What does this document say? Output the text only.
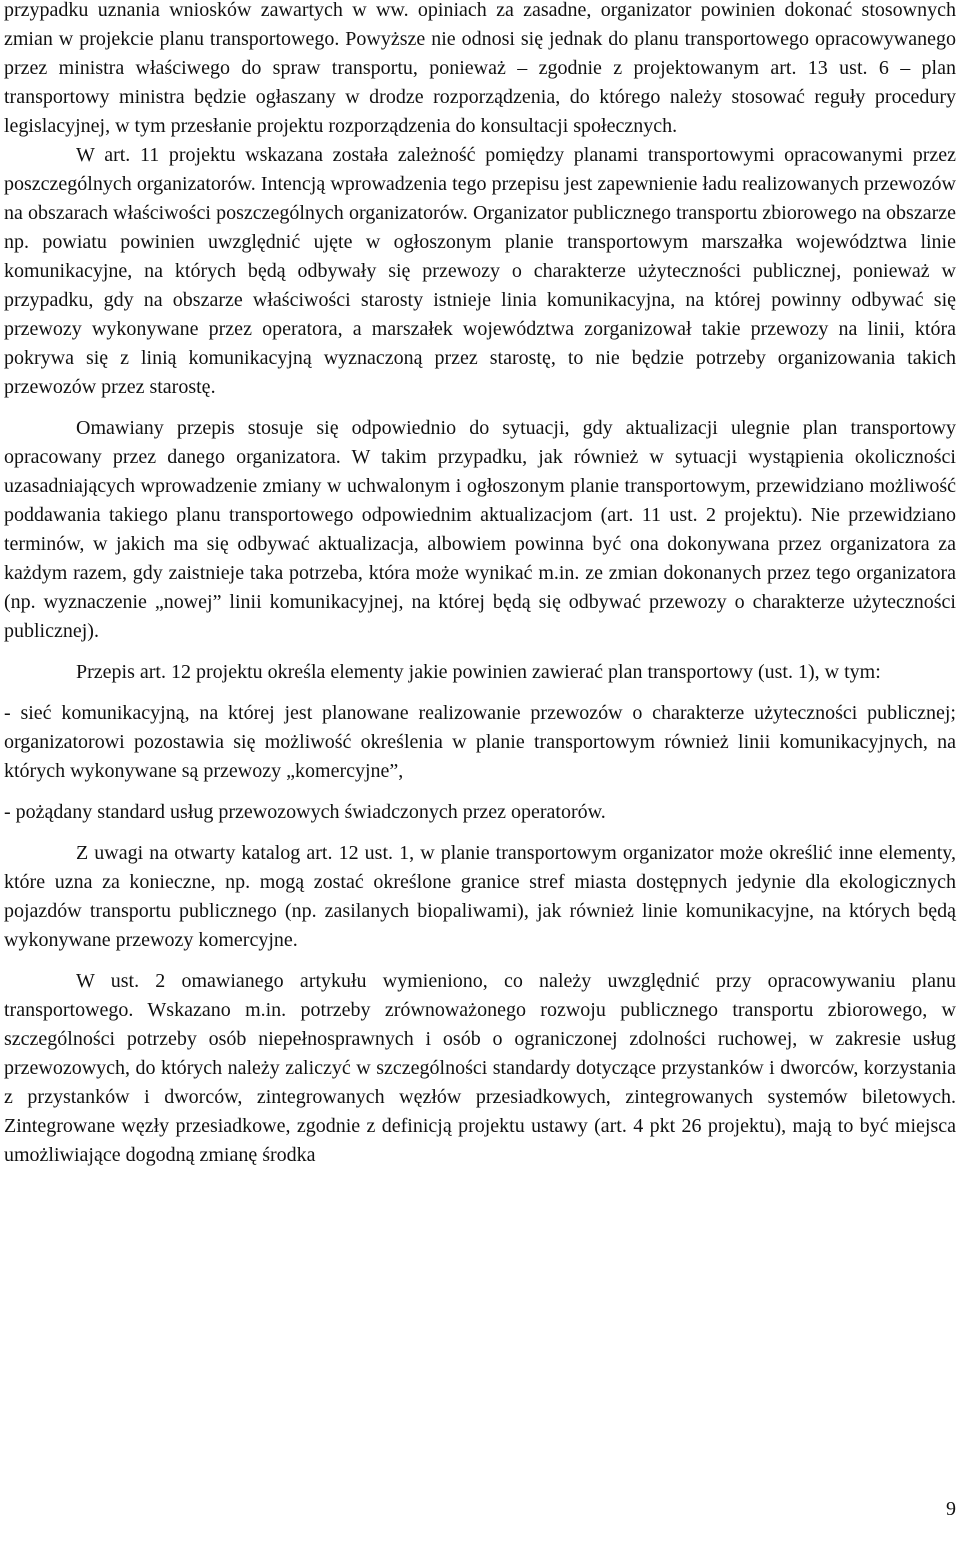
przypadku uznania wniosków zawartych w ww. opiniach za zasadne, organizator powinien dokonać stosownych zmian w projekcie planu transportowego. Powyższe nie odnosi się jednak do planu transportowego opracowywanego przez ministra właściwego do spraw transportu, ponieważ – zgodnie z projektowanym art. 13 ust. 6 – plan transportowy ministra będzie ogłaszany w drodze rozporządzenia, do którego należy stosować reguły procedury legislacyjnej, w tym przesłanie projektu rozporządzenia do konsultacji społecznych.

W art. 11 projektu wskazana została zależność pomiędzy planami transportowymi opracowanymi przez poszczególnych organizatorów. Intencją wprowadzenia tego przepisu jest zapewnienie ładu realizowanych przewozów na obszarach właściwości poszczególnych organizatorów. Organizator publicznego transportu zbiorowego na obszarze np. powiatu powinien uwzględnić ujęte w ogłoszonym planie transportowym marszałka województwa linie komunikacyjne, na których będą odbywały się przewozy o charakterze użyteczności publicznej, ponieważ w przypadku, gdy na obszarze właściwości starosty istnieje linia komunikacyjna, na której powinny odbywać się przewozy wykonywane przez operatora, a marszałek województwa zorganizował takie przewozy na linii, która pokrywa się z linią komunikacyjną wyznaczoną przez starostę, to nie będzie potrzeby organizowania takich przewozów przez starostę.

Omawiany przepis stosuje się odpowiednio do sytuacji, gdy aktualizacji ulegnie plan transportowy opracowany przez danego organizatora. W takim przypadku, jak również w sytuacji wystąpienia okoliczności uzasadniających wprowadzenie zmiany w uchwalonym i ogłoszonym planie transportowym, przewidziano możliwość poddawania takiego planu transportowego odpowiednim aktualizacjom (art. 11 ust. 2 projektu). Nie przewidziano terminów, w jakich ma się odbywać aktualizacja, albowiem powinna być ona dokonywana przez organizatora za każdym razem, gdy zaistnieje taka potrzeba, która może wynikać m.in. ze zmian dokonanych przez tego organizatora (np. wyznaczenie „nowej” linii komunikacyjnej, na której będą się odbywać przewozy o charakterze użyteczności publicznej).

Przepis art. 12 projektu określa elementy jakie powinien zawierać plan transportowy (ust. 1), w tym:

- sieć komunikacyjną, na której jest planowane realizowanie przewozów o charakterze użyteczności publicznej; organizatorowi pozostawia się możliwość określenia w planie transportowym również linii komunikacyjnych, na których wykonywane są przewozy „komercyjne”,

- pożądany standard usług przewozowych świadczonych przez operatorów.

Z uwagi na otwarty katalog art. 12 ust. 1, w planie transportowym organizator może określić inne elementy, które uzna za konieczne, np. mogą zostać określone granice stref miasta dostępnych jedynie dla ekologicznych pojazdów transportu publicznego (np. zasilanych biopaliwami), jak również linie komunikacyjne, na których będą wykonywane przewozy komercyjne.

W ust. 2 omawianego artykułu wymieniono, co należy uwzględnić przy opracowywaniu planu transportowego. Wskazano m.in. potrzeby zrównoważonego rozwoju publicznego transportu zbiorowego, w szczególności potrzeby osób niepełnosprawnych i osób o ograniczonej zdolności ruchowej, w zakresie usług przewozowych, do których należy zaliczyć w szczególności standardy dotyczące przystanków i dworców, korzystania z przystanków i dworców, zintegrowanych węzłów przesiadkowych, zintegrowanych systemów biletowych. Zintegrowane węzły przesiadkowe, zgodnie z definicją projektu ustawy (art. 4 pkt 26 projektu), mają to być miejsca umożliwiające dogodną zmianę środka

9
